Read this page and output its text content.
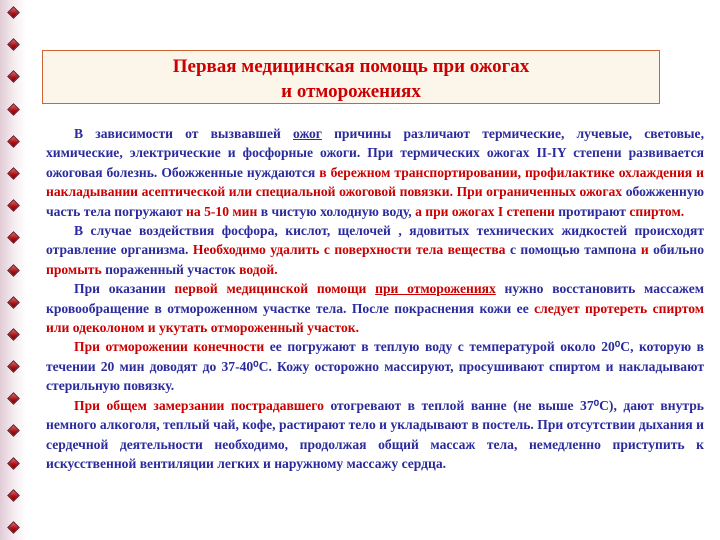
Первая медицинская помощь при ожогах
и отморожениях

В зависимости от вызвавшей ожог причины различают термические, лучевые, световые, химические, электрические и фосфорные ожоги. При термических ожогах II-IY степени развивается ожоговая болезнь. Обожженные нуждаются в бережном транспортировании, профилактике охлаждения и накладывании асептической или специальной ожоговой повязки. При ограниченных ожогах обожженную часть тела погружают на 5-10 мин в чистую холодную воду, а при ожогах I степени протирают спиртом.

В случае воздействия фосфора, кислот, щелочей , ядовитых технических жидкостей происходят отравление организма. Необходимо удалить с поверхности тела вещества с помощью тампона и обильно промыть пораженный участок водой.

При оказании первой медицинской помощи при отморожениях нужно восстановить массажем кровообращение в отмороженном участке тела. После покраснения кожи ее следует протереть спиртом или одеколоном и укутать отмороженный участок.

При отморожении конечности ее погружают в теплую воду с температурой около 20⁰С, которую в течении 20 мин доводят до 37-40⁰С. Кожу осторожно массируют, просушивают спиртом и накладывают стерильную повязку.

При общем замерзании пострадавшего отогревают в теплой ванне (не выше 37⁰С), дают внутрь немного алкоголя, теплый чай, кофе, растирают тело и укладывают в постель. При отсутствии дыхания и сердечной деятельности необходимо, продолжая общий массаж тела, немедленно приступить к искусственной вентиляции легких и наружному массажу сердца.
